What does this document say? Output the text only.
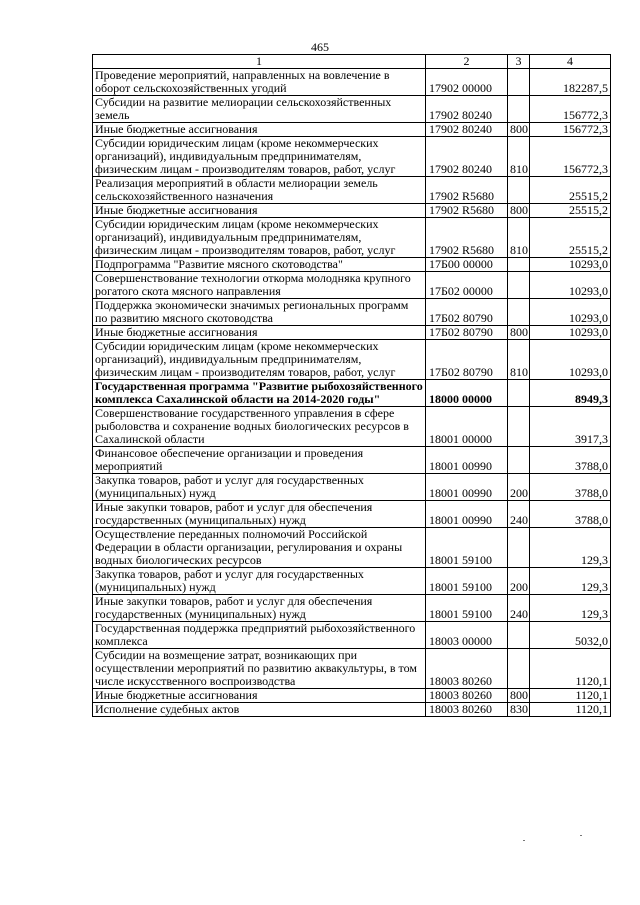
465
1	2	3	4
Проведение мероприятий, направленных на вовлечение в оборот сельскохозяйственных угодий	17902 00000		182287,5
Субсидии на развитие мелиорации сельскохозяйственных земель	17902 80240		156772,3
Иные бюджетные ассигнования	17902 80240	800	156772,3
Субсидии юридическим лицам (кроме некоммерческих организаций), индивидуальным предпринимателям, физическим лицам - производителям товаров, работ, услуг	17902 80240	810	156772,3
Реализация мероприятий в области мелиорации земель сельскохозяйственного назначения	17902 R5680		25515,2
Иные бюджетные ассигнования	17902 R5680	800	25515,2
Субсидии юридическим лицам (кроме некоммерческих организаций), индивидуальным предпринимателям, физическим лицам - производителям товаров, работ, услуг	17902 R5680	810	25515,2
Подпрограмма "Развитие мясного скотоводства"	17Б00 00000		10293,0
Совершенствование технологии откорма молодняка крупного рогатого скота мясного направления	17Б02 00000		10293,0
Поддержка экономически значимых региональных программ по развитию мясного скотоводства	17Б02 80790		10293,0
Иные бюджетные ассигнования	17Б02 80790	800	10293,0
Субсидии юридическим лицам (кроме некоммерческих организаций), индивидуальным предпринимателям, физическим лицам - производителям товаров, работ, услуг	17Б02 80790	810	10293,0
Государственная программа "Развитие рыбохозяйственного комплекса Сахалинской области на 2014-2020 годы"	18000 00000		8949,3
Совершенствование государственного управления в сфере рыболовства и сохранение водных биологических ресурсов в Сахалинской области	18001 00000		3917,3
Финансовое обеспечение организации и проведения мероприятий	18001 00990		3788,0
Закупка товаров, работ и услуг для государственных (муниципальных) нужд	18001 00990	200	3788,0
Иные закупки товаров, работ и услуг для обеспечения государственных (муниципальных) нужд	18001 00990	240	3788,0
Осуществление переданных полномочий Российской Федерации в области организации, регулирования и охраны водных биологических ресурсов	18001 59100		129,3
Закупка товаров, работ и услуг для государственных (муниципальных) нужд	18001 59100	200	129,3
Иные закупки товаров, работ и услуг для обеспечения государственных (муниципальных) нужд	18001 59100	240	129,3
Государственная поддержка предприятий рыбохозяйственного комплекса	18003 00000		5032,0
Субсидии на возмещение затрат, возникающих при осуществлении мероприятий по развитию аквакультуры, в том числе искусственного воспроизводства	18003 80260		1120,1
Иные бюджетные ассигнования	18003 80260	800	1120,1
Исполнение судебных актов	18003 80260	830	1120,1
